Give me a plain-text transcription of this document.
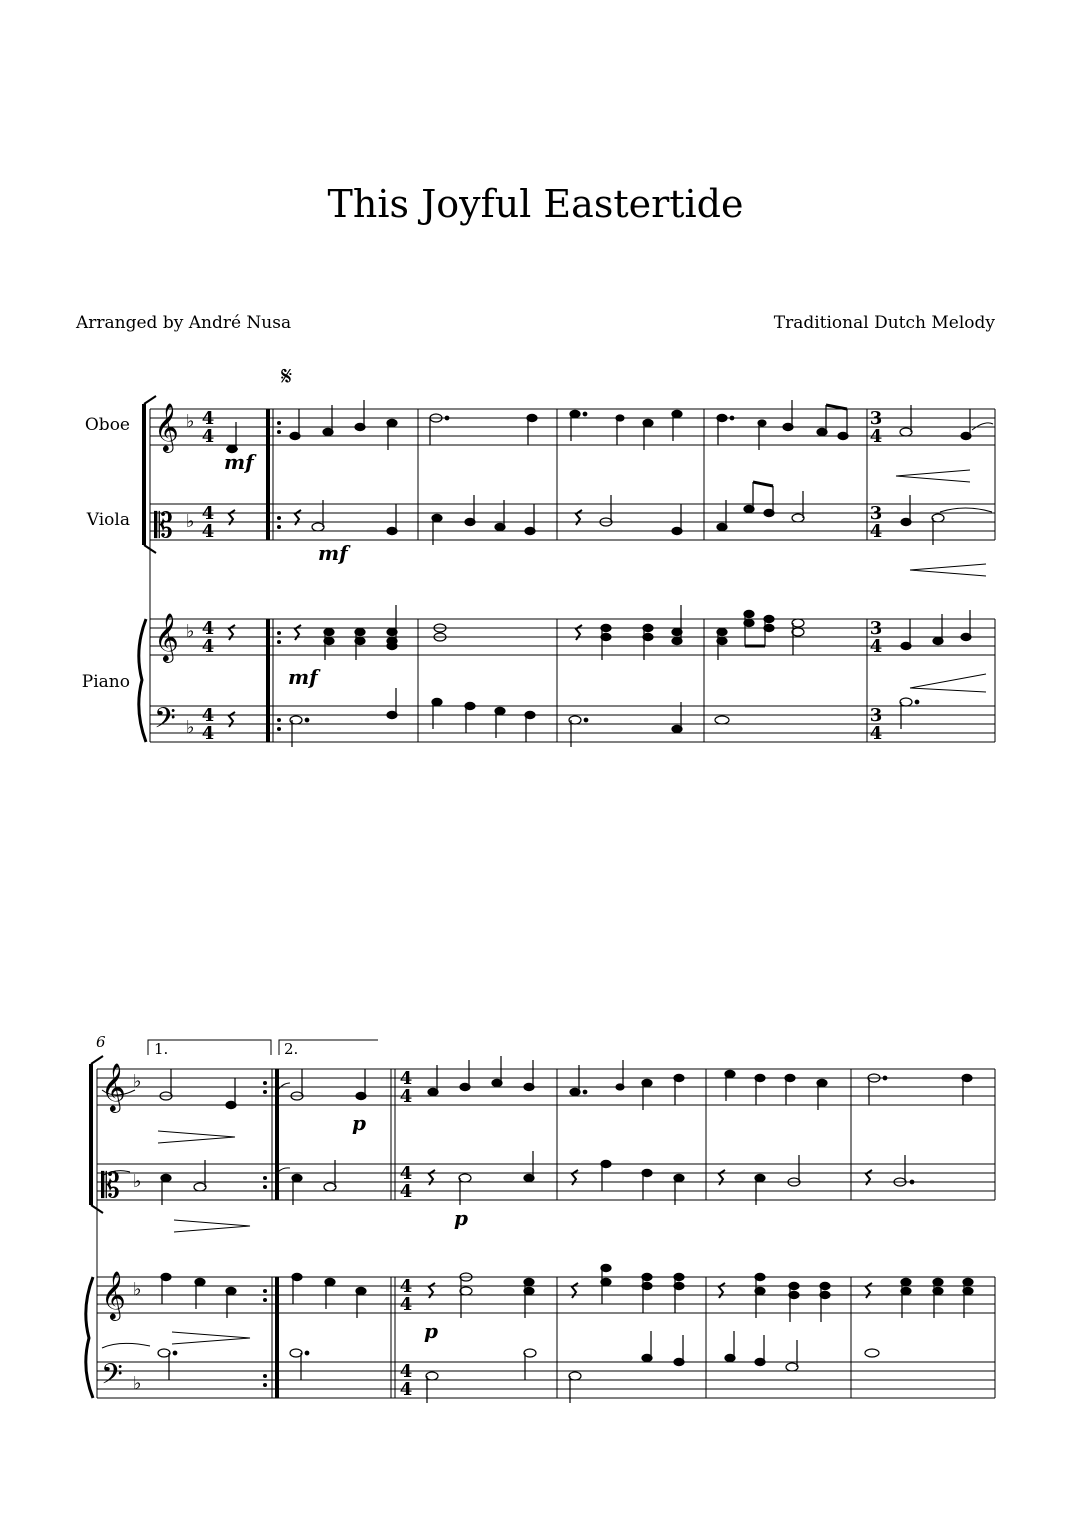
This Joyful Eastertide
Arranged by André Nusa	Traditional Dutch Melody
Oboe
Viola
Piano
𝄞
𝄡
𝄞
𝄢
♭
♭
♭
♭
4
4
4
4
4
4
4
4
3
4
3
4
3
4
3
4
𝄋
mf
mf
mf
𝄞
𝄡
𝄞
𝄢
♭
♭
♭
♭
4
4
4
4
4
4
4
4
6	1.	2.
p
p
p
